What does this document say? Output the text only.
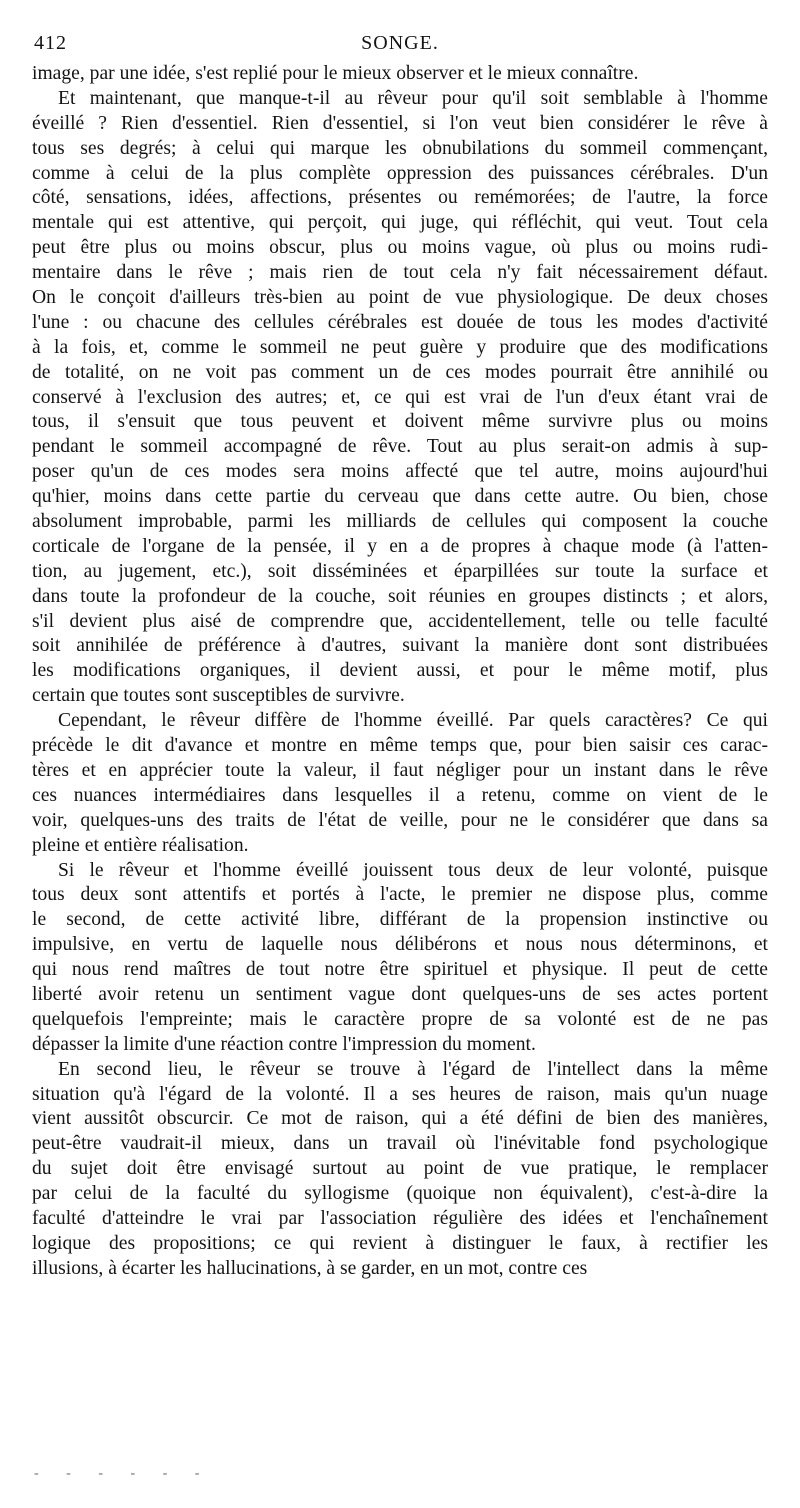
412	SONGE.
image, par une idée, s'est replié pour le mieux observer et le mieux connaître.
Et maintenant, que manque-t-il au rêveur pour qu'il soit semblable à l'homme
éveillé ? Rien d'essentiel. Rien d'essentiel, si l'on veut bien considérer le rêve à
tous ses degrés; à celui qui marque les obnubilations du sommeil commençant,
comme à celui de la plus complète oppression des puissances cérébrales. D'un
côté, sensations, idées, affections, présentes ou remémorées; de l'autre, la force
mentale qui est attentive, qui perçoit, qui juge, qui réfléchit, qui veut. Tout cela
peut être plus ou moins obscur, plus ou moins vague, où plus ou moins rudi-
mentaire dans le rêve ; mais rien de tout cela n'y fait nécessairement défaut.
On le conçoit d'ailleurs très-bien au point de vue physiologique. De deux choses
l'une : ou chacune des cellules cérébrales est douée de tous les modes d'activité
à la fois, et, comme le sommeil ne peut guère y produire que des modifications
de totalité, on ne voit pas comment un de ces modes pourrait être annihilé ou
conservé à l'exclusion des autres; et, ce qui est vrai de l'un d'eux étant vrai de
tous, il s'ensuit que tous peuvent et doivent même survivre plus ou moins
pendant le sommeil accompagné de rêve. Tout au plus serait-on admis à sup-
poser qu'un de ces modes sera moins affecté que tel autre, moins aujourd'hui
qu'hier, moins dans cette partie du cerveau que dans cette autre. Ou bien, chose
absolument improbable, parmi les milliards de cellules qui composent la couche
corticale de l'organe de la pensée, il y en a de propres à chaque mode (à l'atten-
tion, au jugement, etc.), soit disséminées et éparpillées sur toute la surface et
dans toute la profondeur de la couche, soit réunies en groupes distincts ; et alors,
s'il devient plus aisé de comprendre que, accidentellement, telle ou telle faculté
soit annihilée de préférence à d'autres, suivant la manière dont sont distribuées
les modifications organiques, il devient aussi, et pour le même motif, plus
certain que toutes sont susceptibles de survivre.
Cependant, le rêveur diffère de l'homme éveillé. Par quels caractères? Ce qui
précède le dit d'avance et montre en même temps que, pour bien saisir ces carac-
tères et en apprécier toute la valeur, il faut négliger pour un instant dans le rêve
ces nuances intermédiaires dans lesquelles il a retenu, comme on vient de le
voir, quelques-uns des traits de l'état de veille, pour ne le considérer que dans sa
pleine et entière réalisation.
Si le rêveur et l'homme éveillé jouissent tous deux de leur volonté, puisque
tous deux sont attentifs et portés à l'acte, le premier ne dispose plus, comme
le second, de cette activité libre, différant de la propension instinctive ou
impulsive, en vertu de laquelle nous délibérons et nous nous déterminons, et
qui nous rend maîtres de tout notre être spirituel et physique. Il peut de cette
liberté avoir retenu un sentiment vague dont quelques-uns de ses actes portent
quelquefois l'empreinte; mais le caractère propre de sa volonté est de ne pas
dépasser la limite d'une réaction contre l'impression du moment.
En second lieu, le rêveur se trouve à l'égard de l'intellect dans la même
situation qu'à l'égard de la volonté. Il a ses heures de raison, mais qu'un nuage
vient aussitôt obscurcir. Ce mot de raison, qui a été défini de bien des manières,
peut-être vaudrait-il mieux, dans un travail où l'inévitable fond psychologique
du sujet doit être envisagé surtout au point de vue pratique, le remplacer
par celui de la faculté du syllogisme (quoique non équivalent), c'est-à-dire la
faculté d'atteindre le vrai par l'association régulière des idées et l'enchaînement
logique des propositions; ce qui revient à distinguer le faux, à rectifier les
illusions, à écarter les hallucinations, à se garder, en un mot, contre ces
- - - - - -
